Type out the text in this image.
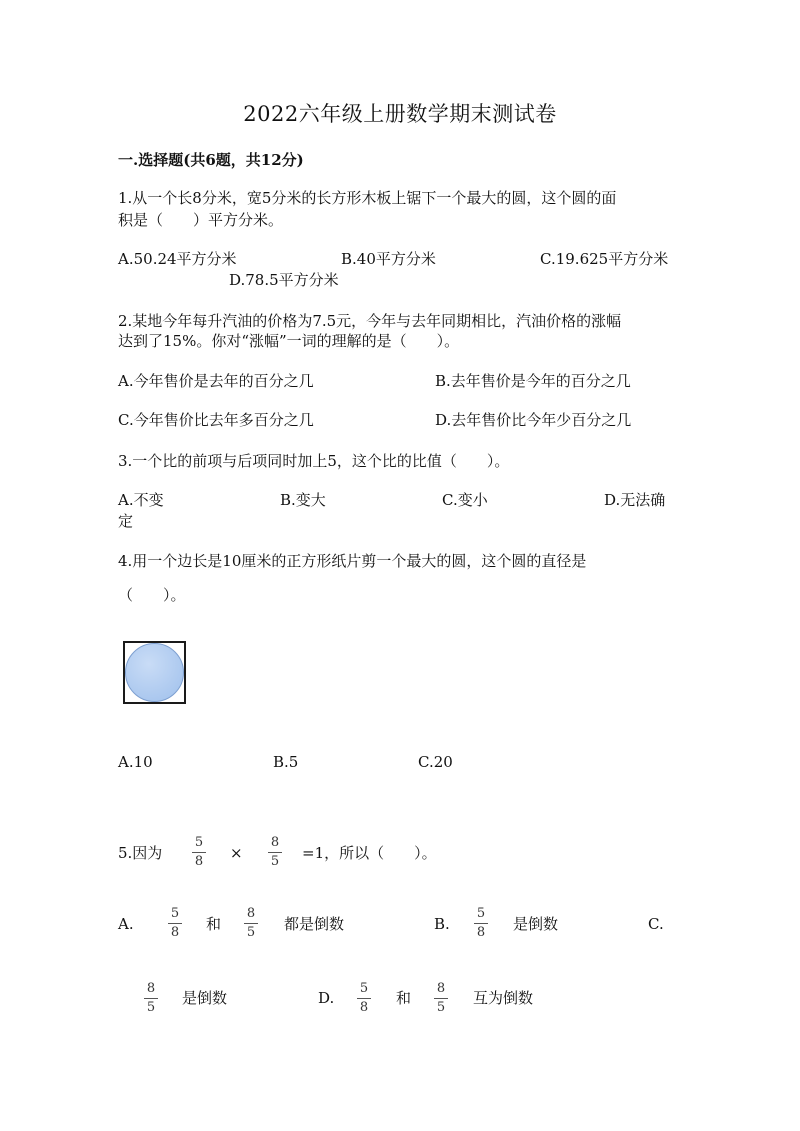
2022六年级上册数学期末测试卷
一.选择题(共6题，共12分)
1.从一个长8分米，宽5分米的长方形木板上锯下一个最大的圆，这个圆的面
积是（　　）平方分米。
A.50.24平方分米	B.40平方分米	C.19.625平方分米
D.78.5平方分米
2.某地今年每升汽油的价格为7.5元，今年与去年同期相比，汽油价格的涨幅
达到了15%。你对“涨幅”一词的理解的是（　　）。
A.今年售价是去年的百分之几	B.去年售价是今年的百分之几
C.今年售价比去年多百分之几	D.去年售价比今年少百分之几
3.一个比的前项与后项同时加上5，这个比的比值（　　）。
A.不变	B.变大	C.变小	D.无法确
定
4.用一个边长是10厘米的正方形纸片剪一个最大的圆，这个圆的直径是
（　　）。
A.10	B.5	C.20
5.因为
5
8	×
8
5	=1，所以（　　）。
A.
5
8	和
8
5	都是倒数	B.
5
8	是倒数	C.
8
5
是倒数	D.
5
8
和
8
5
互为倒数
